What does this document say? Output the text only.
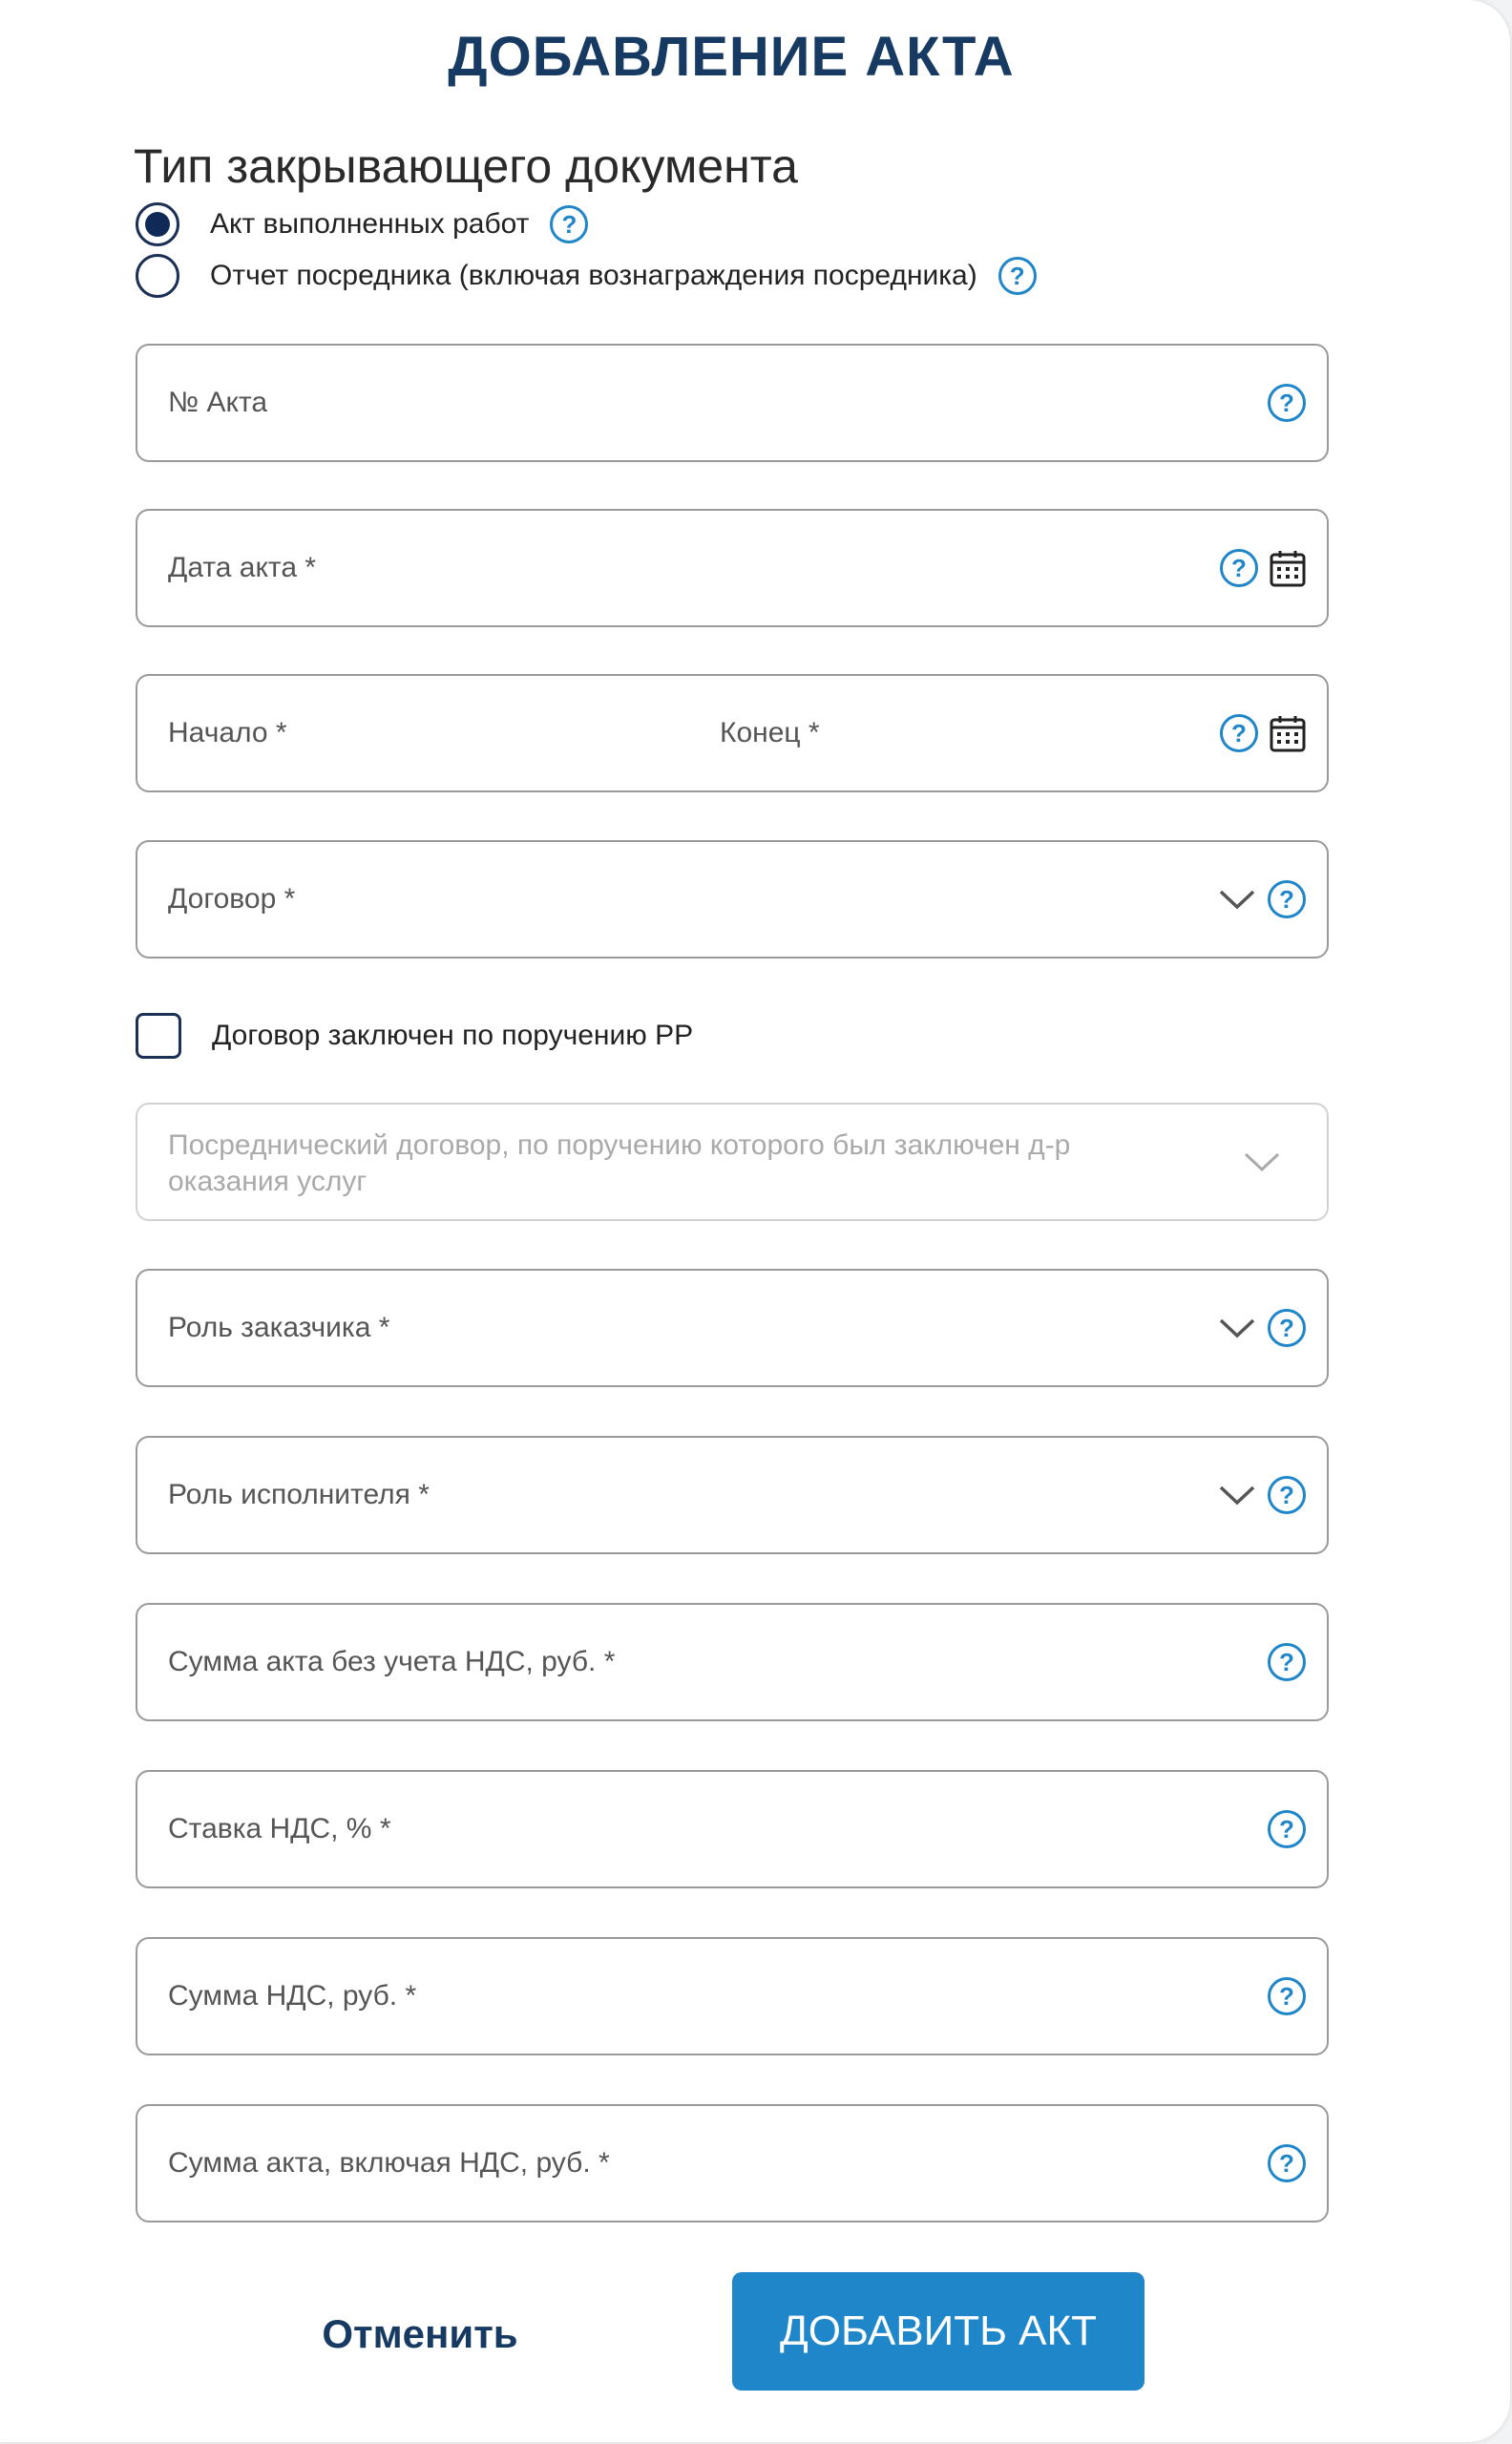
ДОБАВЛЕНИЕ АКТА
Тип закрывающего документа
Акт выполненных работ	?
Отчет посредника (включая вознаграждения посредника)	?
№ Акта	?
Дата акта *	?
Начало *	Конец *	?
Договор *	?
Договор заключен по поручению РР
Посреднический договор, по поручению которого был заключен д-р оказания услуг
Роль заказчика *	?
Роль исполнителя *	?
Сумма акта без учета НДС, руб. *	?
Ставка НДС, % *	?
Сумма НДС, руб. *	?
Сумма акта, включая НДС, руб. *	?
Отменить	ДОБАВИТЬ АКТ
